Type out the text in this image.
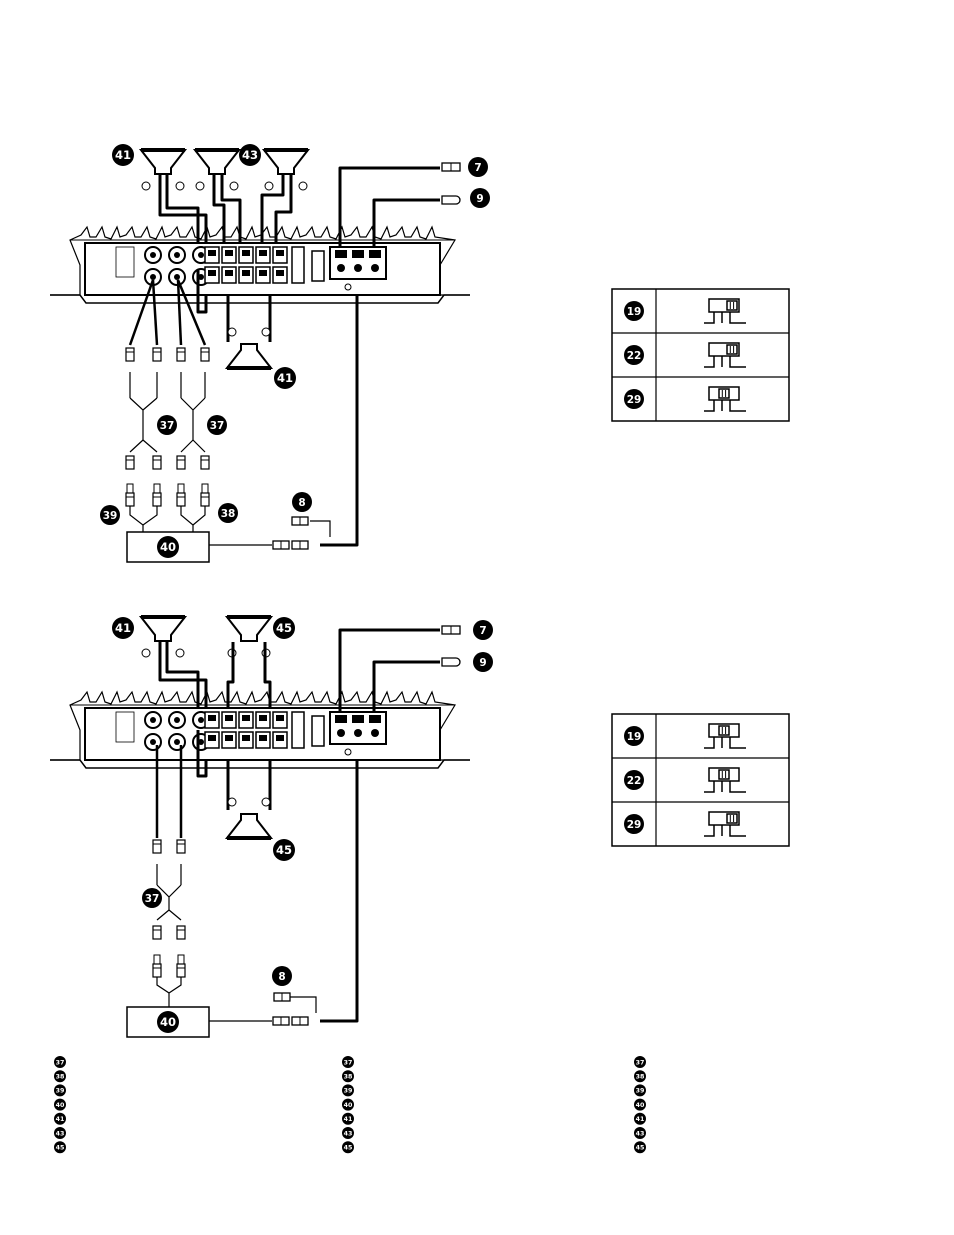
41	43
41
7
9
37	37
39	38
40
8
19
22
29
41	45
45
7
9
37
40
8
19
22
29
37
38
39
40
41
43
45
37
38
39
40
41
43
45
37
38
39
40
41
43
45
